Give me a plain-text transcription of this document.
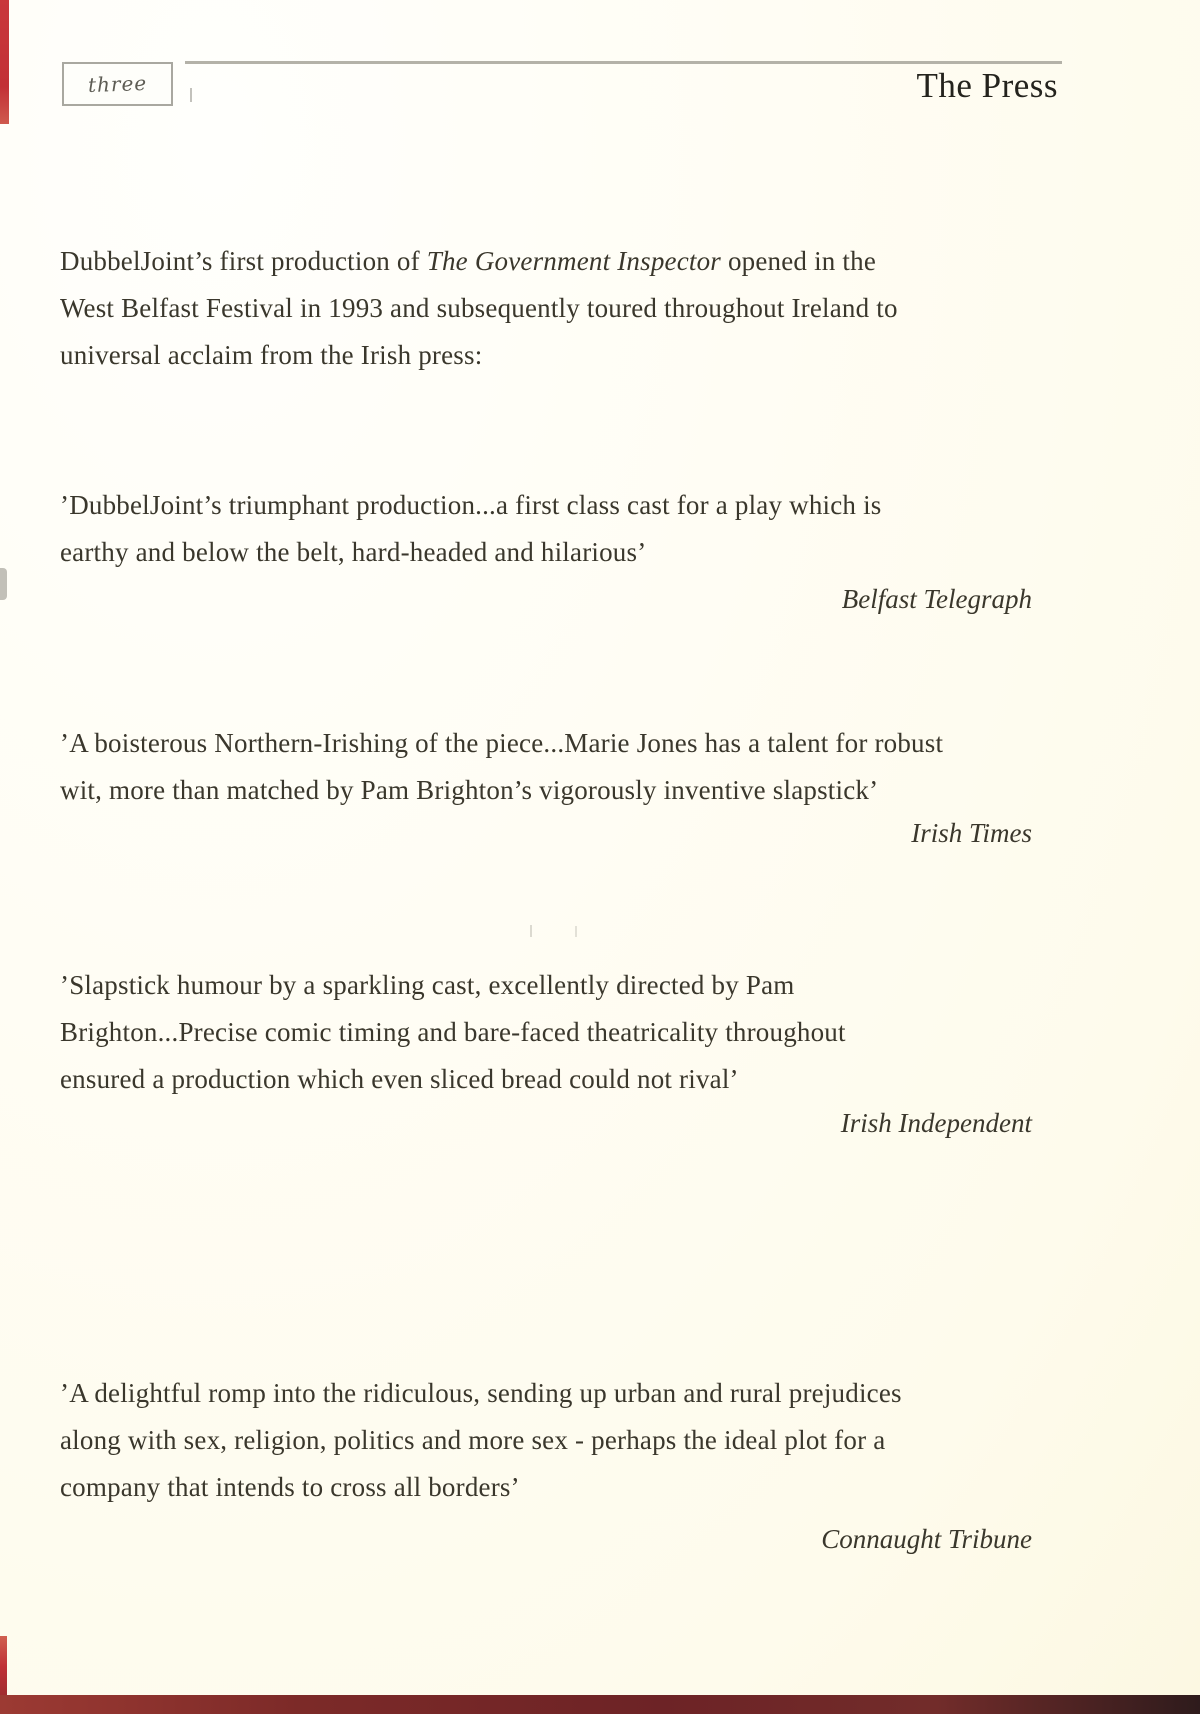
three	The Press
DubbelJoint’s first production of The Government Inspector opened in the
West Belfast Festival in 1993 and subsequently toured throughout Ireland to
universal acclaim from the Irish press:
’DubbelJoint’s triumphant production...a first class cast for a play which is
earthy and below the belt, hard-headed and hilarious’
Belfast Telegraph
’A boisterous Northern-Irishing of the piece...Marie Jones has a talent for robust
wit, more than matched by Pam Brighton’s vigorously inventive slapstick’
Irish Times
’Slapstick humour by a sparkling cast, excellently directed by Pam
Brighton...Precise comic timing and bare-faced theatricality throughout
ensured a production which even sliced bread could not rival’
Irish Independent
’A delightful romp into the ridiculous, sending up urban and rural prejudices
along with sex, religion, politics and more sex - perhaps the ideal plot for a
company that intends to cross all borders’
Connaught Tribune
